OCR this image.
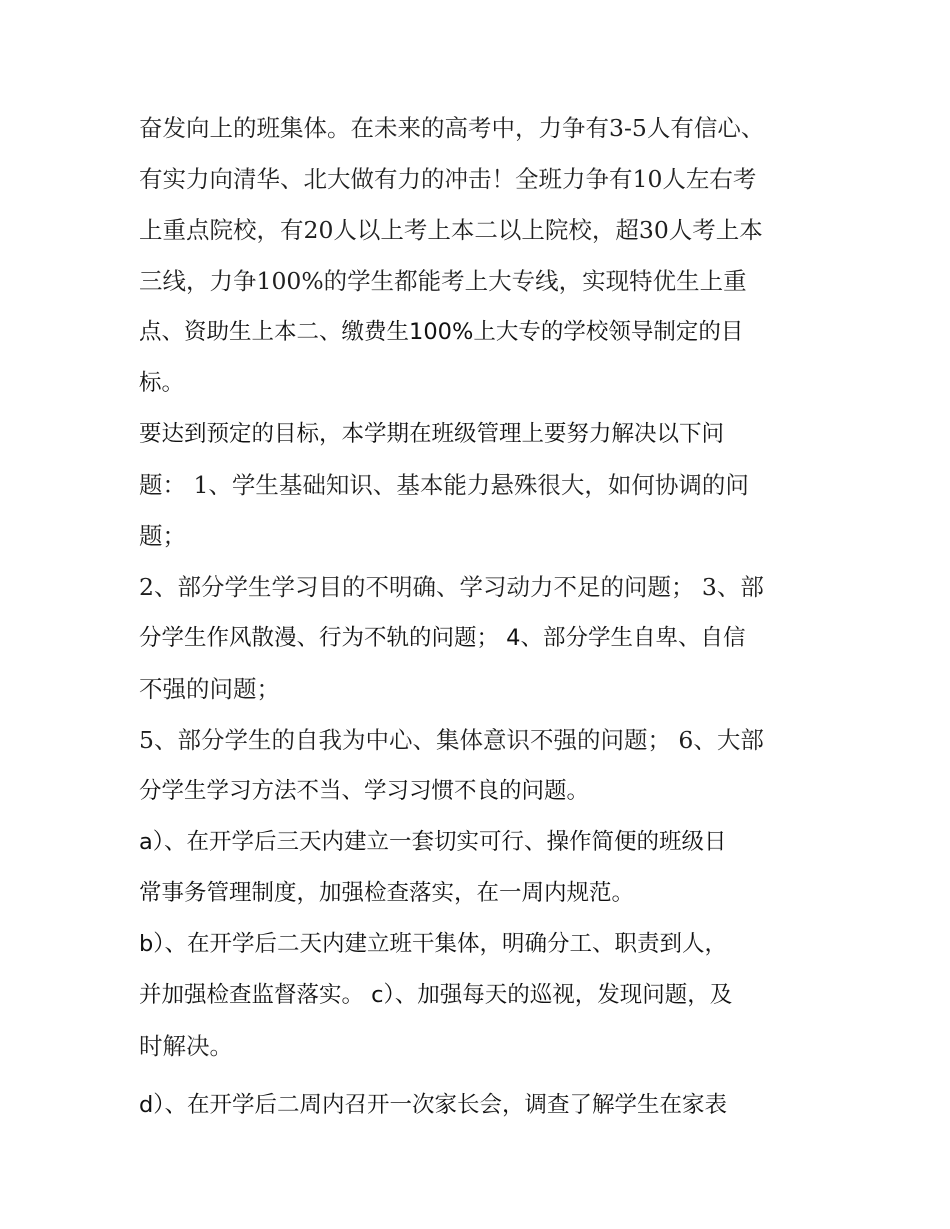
奋发向上的班集体。在未来的高考中，力争有3-5人有信心、
有实力向清华、北大做有力的冲击！全班力争有10人左右考
上重点院校，有20人以上考上本二以上院校，超30人考上本
三线，力争100%的学生都能考上大专线，实现特优生上重
点、资助生上本二、缴费生100%上大专的学校领导制定的目
标。
要达到预定的目标，本学期在班级管理上要努力解决以下问
题： 1、学生基础知识、基本能力悬殊很大，如何协调的问
题；
2、部分学生学习目的不明确、学习动力不足的问题； 3、部
分学生作风散漫、行为不轨的问题； 4、部分学生自卑、自信
不强的问题；
5、部分学生的自我为中心、集体意识不强的问题； 6、大部
分学生学习方法不当、学习习惯不良的问题。
a）、在开学后三天内建立一套切实可行、操作简便的班级日
常事务管理制度，加强检查落实，在一周内规范。
b）、在开学后二天内建立班干集体，明确分工、职责到人，
并加强检查监督落实。 c）、加强每天的巡视，发现问题，及
时解决。
d）、在开学后二周内召开一次家长会，调查了解学生在家表
